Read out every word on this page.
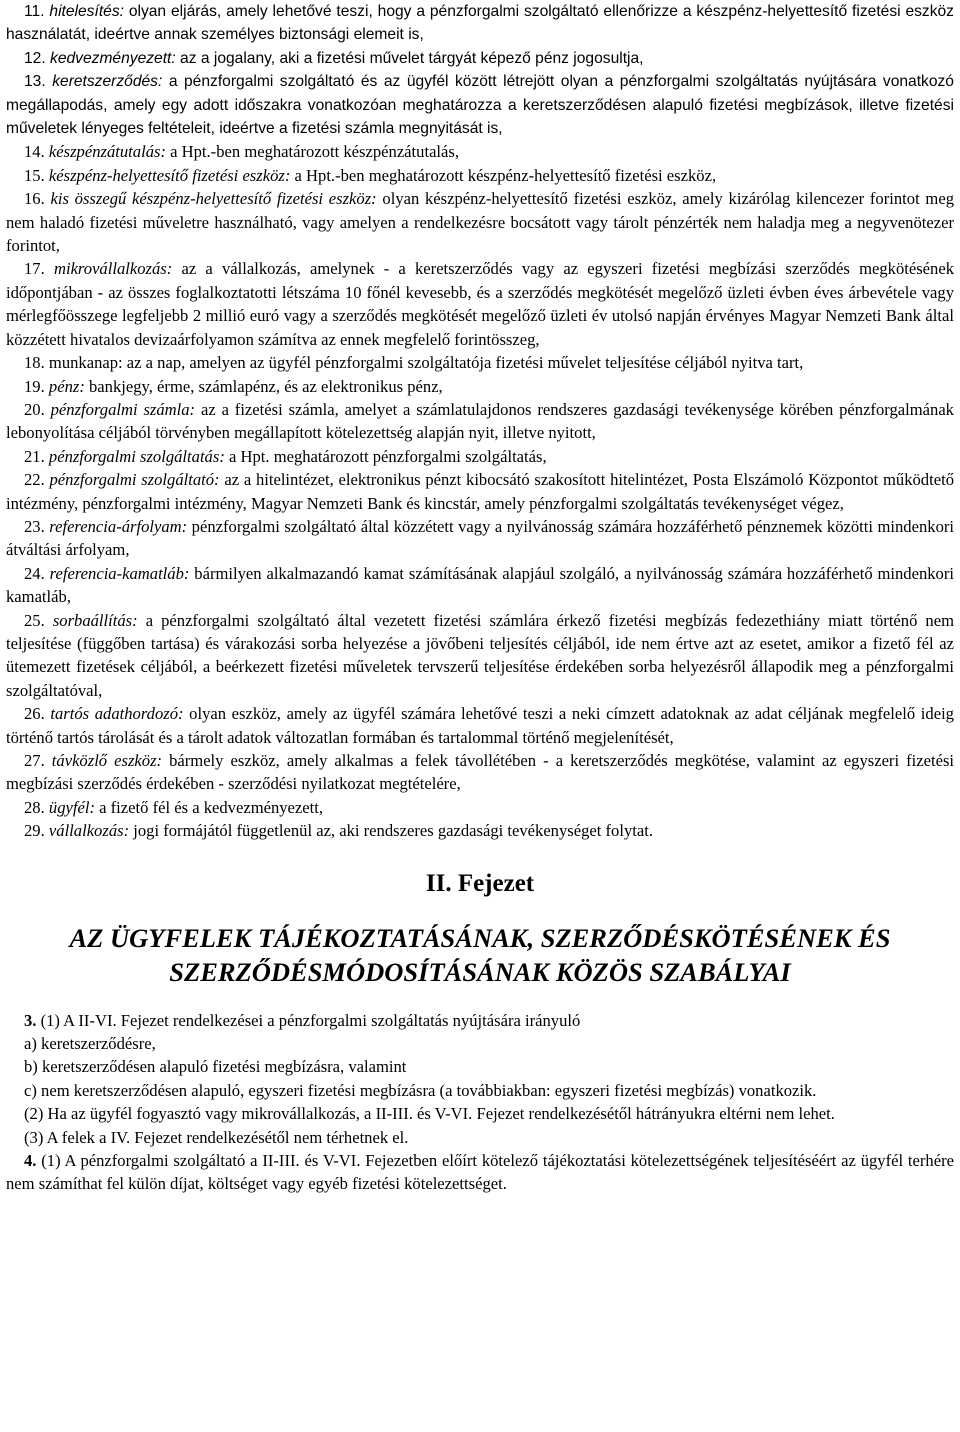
11. hitelesítés: olyan eljárás, amely lehetővé teszi, hogy a pénzforgalmi szolgáltató ellenőrizze a készpénz-helyettesítő fizetési eszköz használatát, ideértve annak személyes biztonsági elemeit is,

12. kedvezményezett: az a jogalany, aki a fizetési művelet tárgyát képező pénz jogosultja,

13. keretszerződés: a pénzforgalmi szolgáltató és az ügyfél között létrejött olyan a pénzforgalmi szolgáltatás nyújtására vonatkozó megállapodás, amely egy adott időszakra vonatkozóan meghatározza a keretszerződésen alapuló fizetési megbízások, illetve fizetési műveletek lényeges feltételeit, ideértve a fizetési számla megnyitását is,

14. készpénzátutalás: a Hpt.-ben meghatározott készpénzátutalás,

15. készpénz-helyettesítő fizetési eszköz: a Hpt.-ben meghatározott készpénz-helyettesítő fizetési eszköz,

16. kis összegű készpénz-helyettesítő fizetési eszköz: olyan készpénz-helyettesítő fizetési eszköz, amely kizárólag kilencezer forintot meg nem haladó fizetési műveletre használható, vagy amelyen a rendelkezésre bocsátott vagy tárolt pénzérték nem haladja meg a negyvenötezer forintot,

17. mikrovállalkozás: az a vállalkozás, amelynek - a keretszerződés vagy az egyszeri fizetési megbízási szerződés megkötésének időpontjában - az összes foglalkoztatotti létszáma 10 főnél kevesebb, és a szerződés megkötését megelőző üzleti évben éves árbevétele vagy mérlegfőösszege legfeljebb 2 millió euró vagy a szerződés megkötését megelőző üzleti év utolsó napján érvényes Magyar Nemzeti Bank által közzétett hivatalos devizaárfolyamon számítva az ennek megfelelő forintösszeg,

18. munkanap: az a nap, amelyen az ügyfél pénzforgalmi szolgáltatója fizetési művelet teljesítése céljából nyitva tart,

19. pénz: bankjegy, érme, számlapénz, és az elektronikus pénz,

20. pénzforgalmi számla: az a fizetési számla, amelyet a számlatulajdonos rendszeres gazdasági tevékenysége körében pénzforgalmának lebonyolítása céljából törvényben megállapított kötelezettség alapján nyit, illetve nyitott,

21. pénzforgalmi szolgáltatás: a Hpt. meghatározott pénzforgalmi szolgáltatás,

22. pénzforgalmi szolgáltató: az a hitelintézet, elektronikus pénzt kibocsátó szakosított hitelintézet, Posta Elszámoló Központot működtető intézmény, pénzforgalmi intézmény, Magyar Nemzeti Bank és kincstár, amely pénzforgalmi szolgáltatás tevékenységet végez,

23. referencia-árfolyam: pénzforgalmi szolgáltató által közzétett vagy a nyilvánosság számára hozzáférhető pénznemek közötti mindenkori átváltási árfolyam,

24. referencia-kamatláb: bármilyen alkalmazandó kamat számításának alapjául szolgáló, a nyilvánosság számára hozzáférhető mindenkori kamatláb,

25. sorbaállítás: a pénzforgalmi szolgáltató által vezetett fizetési számlára érkező fizetési megbízás fedezethiány miatt történő nem teljesítése (függőben tartása) és várakozási sorba helyezése a jövőbeni teljesítés céljából, ide nem értve azt az esetet, amikor a fizető fél az ütemezett fizetések céljából, a beérkezett fizetési műveletek tervszerű teljesítése érdekében sorba helyezésről állapodik meg a pénzforgalmi szolgáltatóval,

26. tartós adathordozó: olyan eszköz, amely az ügyfél számára lehetővé teszi a neki címzett adatoknak az adat céljának megfelelő ideig történő tartós tárolását és a tárolt adatok változatlan formában és tartalommal történő megjelenítését,

27. távközlő eszköz: bármely eszköz, amely alkalmas a felek távollétében - a keretszerződés megkötése, valamint az egyszeri fizetési megbízási szerződés érdekében - szerződési nyilatkozat megtételére,

28. ügyfél: a fizető fél és a kedvezményezett,

29. vállalkozás: jogi formájától függetlenül az, aki rendszeres gazdasági tevékenységet folytat.

II. Fejezet
AZ ÜGYFELEK TÁJÉKOZTATÁSÁNAK, SZERZŐDÉSKÖTÉSÉNEK ÉS
SZERZŐDÉSMÓDOSÍTÁSÁNAK KÖZÖS SZABÁLYAI

3. (1) A II-VI. Fejezet rendelkezései a pénzforgalmi szolgáltatás nyújtására irányuló

a) keretszerződésre,

b) keretszerződésen alapuló fizetési megbízásra, valamint

c) nem keretszerződésen alapuló, egyszeri fizetési megbízásra (a továbbiakban: egyszeri fizetési megbízás) vonatkozik.

(2) Ha az ügyfél fogyasztó vagy mikrovállalkozás, a II-III. és V-VI. Fejezet rendelkezésétől hátrányukra eltérni nem lehet.

(3) A felek a IV. Fejezet rendelkezésétől nem térhetnek el.

4. (1) A pénzforgalmi szolgáltató a II-III. és V-VI. Fejezetben előírt kötelező tájékoztatási kötelezettségének teljesítéséért az ügyfél terhére nem számíthat fel külön díjat, költséget vagy egyéb fizetési kötelezettséget.
